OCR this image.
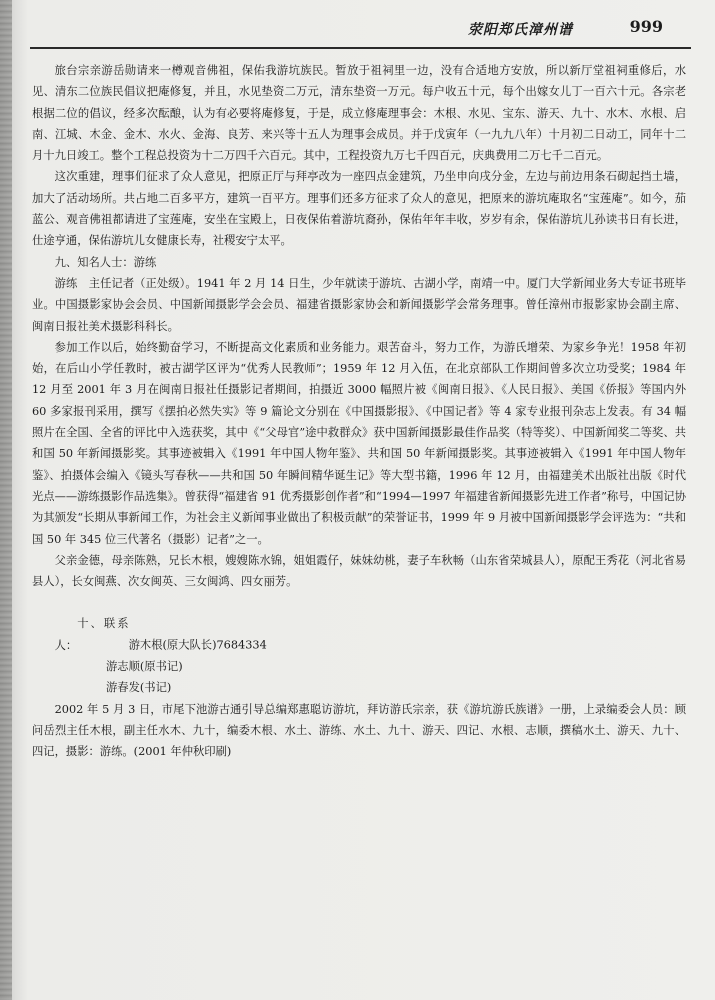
荥阳郑氏漳州谱	999

旅台宗亲游岳勋请来一樽观音佛祖，保佑我游坑族民。暂放于祖祠里一边，没有合适地方安放，所以新厅堂祖祠重修后，水见、清东二位族民倡议把庵修复，并且，水见垫资二万元，清东垫资一万元。每户收五十元，每个出嫁女儿丁一百六十元。各宗老根据二位的倡议，经多次酝酿，认为有必要将庵修复，于是，成立修庵理事会：木根、水见、宝东、游天、九十、水木、水根、启南、江城、木金、金木、水火、金海、良芳、来兴等十五人为理事会成员。并于戊寅年（一九九八年）十月初二日动工，同年十二月十九日竣工。整个工程总投资为十二万四千六百元。其中，工程投资九万七千四百元，庆典费用二万七千二百元。

这次重建，理事们征求了众人意见，把原正厅与拜亭改为一座四点金建筑，乃坐申向戌分金，左边与前边用条石砌起挡土墙，加大了活动场所。共占地二百多平方，建筑一百平方。理事们还多方征求了众人的意见，把原来的游坑庵取名“宝莲庵”。如今，茄蓝公、观音佛祖都请进了宝莲庵，安坐在宝殿上，日夜保佑着游坑裔孙，保佑年年丰收，岁岁有余，保佑游坑儿孙读书日有长进，仕途亨通，保佑游坑儿女健康长寿，社稷安宁太平。

九、知名人士：游练

游练　主任记者（正处级）。1941 年 2 月 14 日生，少年就读于游坑、古湖小学，南靖一中。厦门大学新闻业务大专证书班毕业。中国摄影家协会会员、中国新闻摄影学会会员、福建省摄影家协会和新闻摄影学会常务理事。曾任漳州市报影家协会副主席、闽南日报社美术摄影科科长。

参加工作以后，始终勤奋学习，不断提高文化素质和业务能力。艰苦奋斗，努力工作，为游氏增荣、为家乡争光！1958 年初始，在后山小学任教时，被古湖学区评为“优秀人民教师”；1959 年 12 月入伍，在北京部队工作期间曾多次立功受奖；1984 年 12 月至 2001 年 3 月在闽南日报社任摄影记者期间，拍摄近 3000 幅照片被《闽南日报》、《人民日报》、美国《侨报》等国内外 60 多家报刊采用，撰写《摆拍必然失实》等 9 篇论文分别在《中国摄影报》、《中国记者》等 4 家专业报刊杂志上发表。有 34 幅照片在全国、全省的评比中入选获奖，其中《“父母官”途中救群众》获中国新闻摄影最佳作品奖（特等奖）、中国新闻奖二等奖、共和国 50 年新闻摄影奖。其事迹被辑入《1991 年中国人物年鉴》、共和国 50 年新闻摄影奖。其事迹被辑入《1991 年中国人物年鉴》、拍摄体会编入《镜头写春秋——共和国 50 年瞬间精华诞生记》等大型书籍，1996 年 12 月，由福建美术出版社出版《时代光点——游练摄影作品选集》。曾获得“福建省 91 优秀摄影创作者”和“1994—1997 年福建省新闻摄影先进工作者”称号，中国记协为其颁发“长期从事新闻工作，为社会主义新闻事业做出了积极贡献”的荣誉证书，1999 年 9 月被中国新闻摄影学会评选为：“共和国 50 年 345 位三代著名（摄影）记者”之一。

父亲金德，母亲陈熟，兄长木根，嫂嫂陈水锦，姐姐霞仔，妹妹幼桃，妻子车秋畅（山东省荣城县人），原配王秀花（河北省易县人），长女闽燕、次女闽英、三女闽鸿、四女丽芳。

十、联系人：	游木根(原大队长)7684334

游志顺(原书记)

游春发(书记)

2002 年 5 月 3 日，市尾下池游古通引导总编郑惠聪访游坑，拜访游氏宗亲，获《游坑游氏族谱》一册，上录编委会人员：顾问岳烈主任木根，副主任水木、九十，编委木根、水土、游练、水土、九十、游天、四记、水根、志顺，撰稿水土、游天、九十、四记，摄影：游练。(2001 年仲秋印刷)
